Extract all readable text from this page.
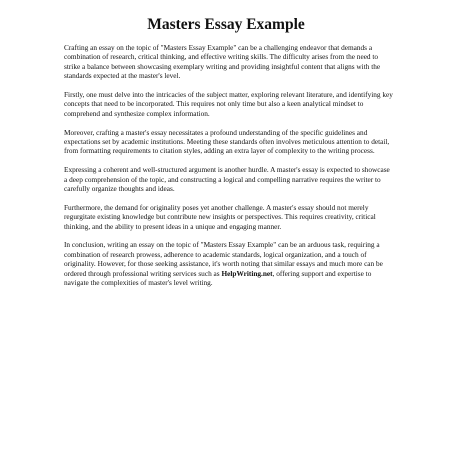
Masters Essay Example

Crafting an essay on the topic of "Masters Essay Example" can be a challenging endeavor that demands a combination of research, critical thinking, and effective writing skills. The difficulty arises from the need to strike a balance between showcasing exemplary writing and providing insightful content that aligns with the standards expected at the master's level.

Firstly, one must delve into the intricacies of the subject matter, exploring relevant literature, and identifying key concepts that need to be incorporated. This requires not only time but also a keen analytical mindset to comprehend and synthesize complex information.

Moreover, crafting a master's essay necessitates a profound understanding of the specific guidelines and expectations set by academic institutions. Meeting these standards often involves meticulous attention to detail, from formatting requirements to citation styles, adding an extra layer of complexity to the writing process.

Expressing a coherent and well-structured argument is another hurdle. A master's essay is expected to showcase a deep comprehension of the topic, and constructing a logical and compelling narrative requires the writer to carefully organize thoughts and ideas.

Furthermore, the demand for originality poses yet another challenge. A master's essay should not merely regurgitate existing knowledge but contribute new insights or perspectives. This requires creativity, critical thinking, and the ability to present ideas in a unique and engaging manner.

In conclusion, writing an essay on the topic of "Masters Essay Example" can be an arduous task, requiring a combination of research prowess, adherence to academic standards, logical organization, and a touch of originality. However, for those seeking assistance, it's worth noting that similar essays and much more can be ordered through professional writing services such as HelpWriting.net, offering support and expertise to navigate the complexities of master's level writing.
